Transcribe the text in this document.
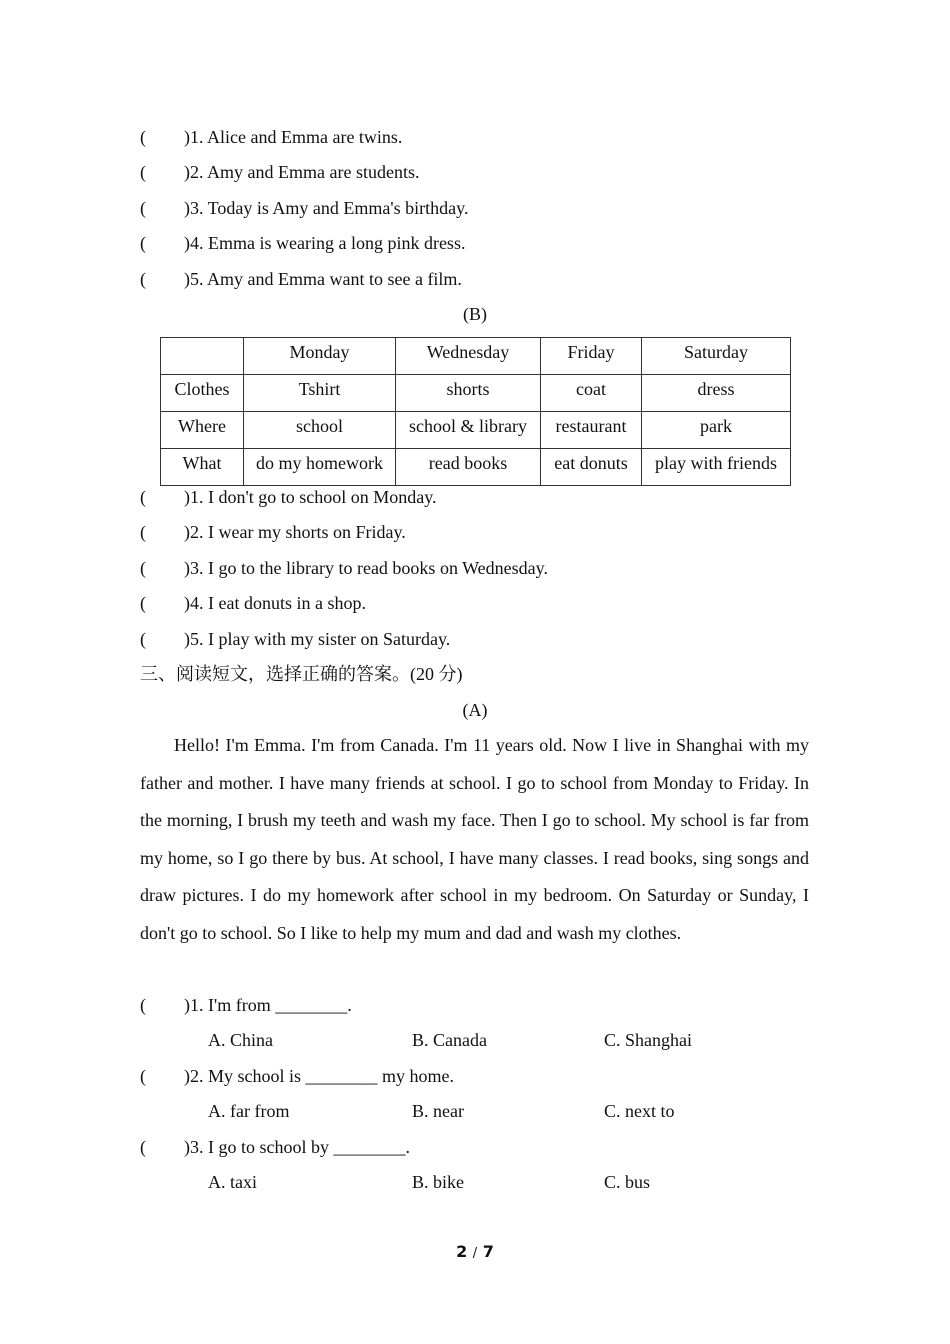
( )1. Alice and Emma are twins.
( )2. Amy and Emma are students.
( )3. Today is Amy and Emma's birthday.
( )4. Emma is wearing a long pink dress.
( )5. Amy and Emma want to see a film.
(B)
	Monday	Wednesday	Friday	Saturday
Clothes	Tshirt	shorts	coat	dress
Where	school	school & library	restaurant	park
What	do my homework	read books	eat donuts	play with friends
( )1. I don't go to school on Monday.
( )2. I wear my shorts on Friday.
( )3. I go to the library to read books on Wednesday.
( )4. I eat donuts in a shop.
( )5. I play with my sister on Saturday.
三、阅读短文，选择正确的答案。(20 分)
(A)

Hello! I'm Emma. I'm from Canada. I'm 11 years old. Now I live in Shanghai with my father and mother. I have many friends at school. I go to school from Monday to Friday. In the morning, I brush my teeth and wash my face. Then I go to school. My school is far from my home, so I go there by bus. At school, I have many classes. I read books, sing songs and draw pictures. I do my homework after school in my bedroom. On Saturday or Sunday, I don't go to school. So I like to help my mum and dad and wash my clothes.

( )1. I'm from ________.
A. China	B. Canada	C. Shanghai
( )2. My school is ________ my home.
A. far from	B. near	C. next to
( )3. I go to school by ________.
A. taxi	B. bike	C. bus
2 / 7
